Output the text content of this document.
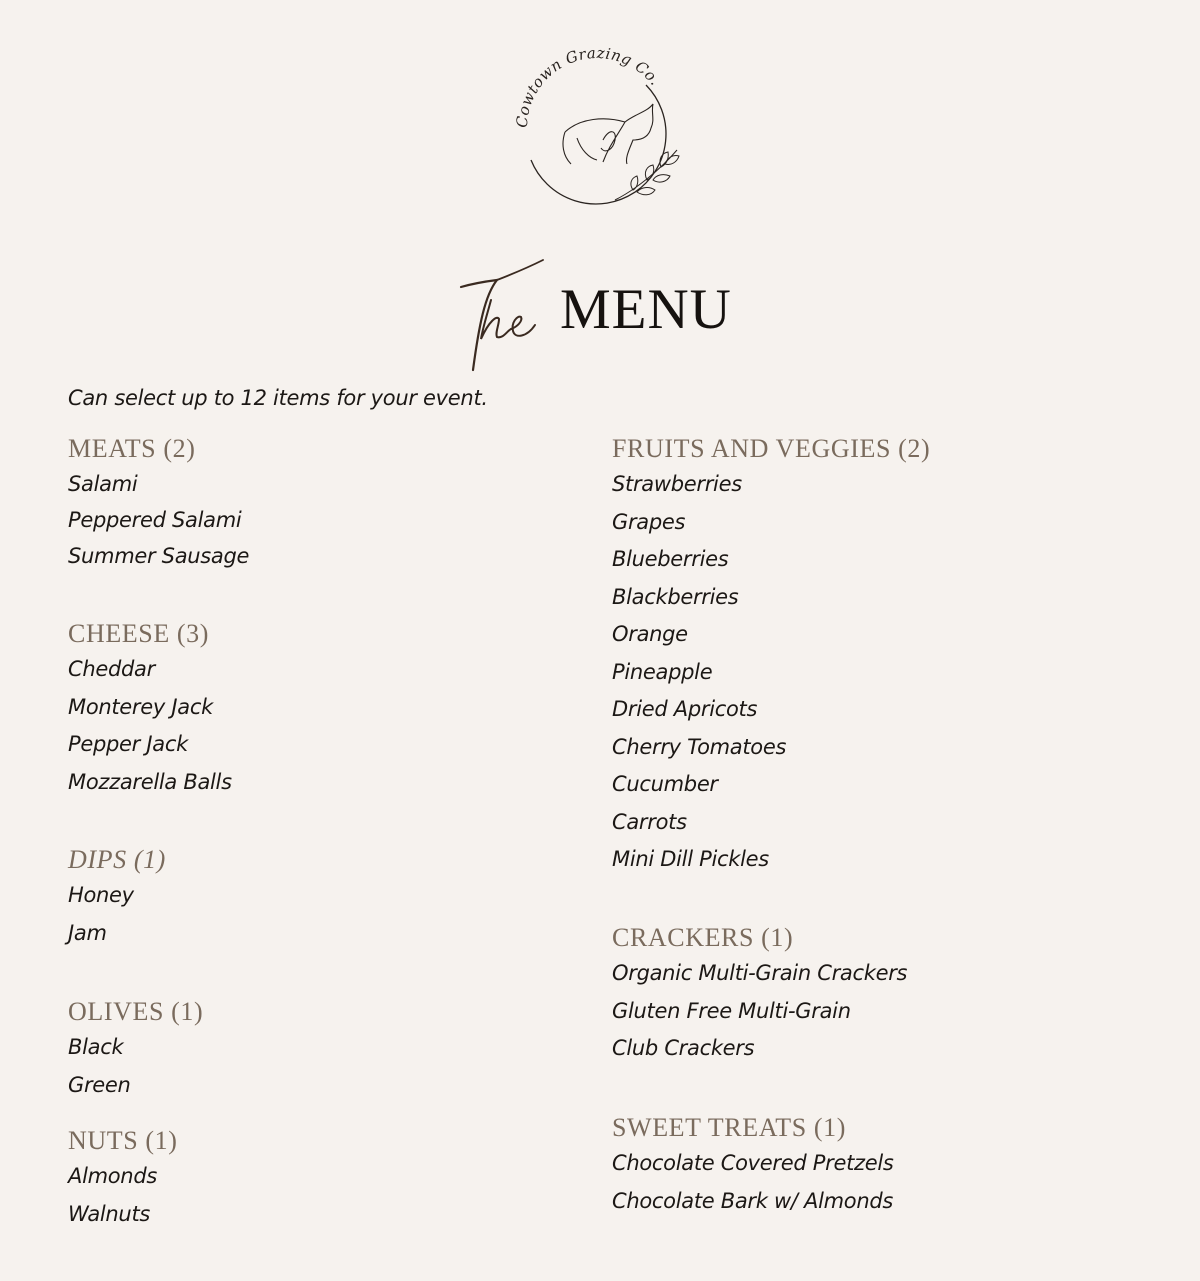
Cowtown Grazing Co.
MENU
Can select up to 12 items for your event.
MEATS (2)
Salami
Peppered Salami
Summer Sausage
CHEESE (3)
Cheddar
Monterey Jack
Pepper Jack
Mozzarella Balls
DIPS (1)
Honey
Jam
OLIVES (1)
Black
Green
NUTS (1)
Almonds
Walnuts
FRUITS AND VEGGIES (2)
Strawberries
Grapes
Blueberries
Blackberries
Orange
Pineapple
Dried Apricots
Cherry Tomatoes
Cucumber
Carrots
Mini Dill Pickles
CRACKERS (1)
Organic Multi-Grain Crackers
Gluten Free Multi-Grain
Club Crackers
SWEET TREATS (1)
Chocolate Covered Pretzels
Chocolate Bark w/ Almonds
